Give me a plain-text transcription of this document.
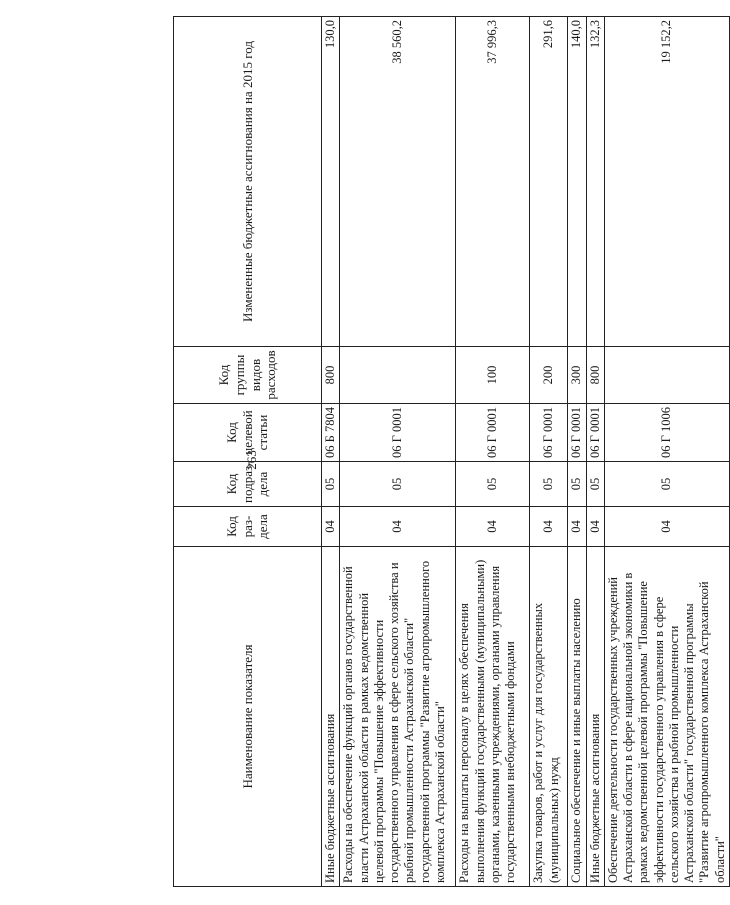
263
Наименование показателя	Код раз-дела	Код подраз-дела	Код целевой статьи	Код группы видов расходов	Измененные бюджетные ассигнования на 2015 год
Иные бюджетные ассигнования	04	05	06 Б 7804	800	130,0
Расходы на обеспечение функций органов государственной власти Астраханской области в рамках ведомственной целевой программы "Повышение эффективности государственного управления в сфере сельского хозяйства и рыбной промышленности Астраханской области" государственной программы "Развитие агропромышленного комплекса Астраханской области"	04	05	06 Г 0001		38 560,2
Расходы на выплаты персоналу в целях обеспечения выполнения функций государственными (муниципальными) органами, казенными учреждениями, органами управления государственными внебюджетными фондами	04	05	06 Г 0001	100	37 996,3
Закупка товаров, работ и услуг для государственных (муниципальных) нужд	04	05	06 Г 0001	200	291,6
Социальное обеспечение и иные выплаты населению	04	05	06 Г 0001	300	140,0
Иные бюджетные ассигнования	04	05	06 Г 0001	800	132,3
Обеспечение деятельности государственных учреждений Астраханской области в сфере национальной экономики в рамках ведомственной целевой программы "Повышение эффективности государственного управления в сфере сельского хозяйства и рыбной промышленности Астраханской области" государственной программы "Развитие агропромышленного комплекса Астраханской области"	04	05	06 Г 1006		19 152,2
